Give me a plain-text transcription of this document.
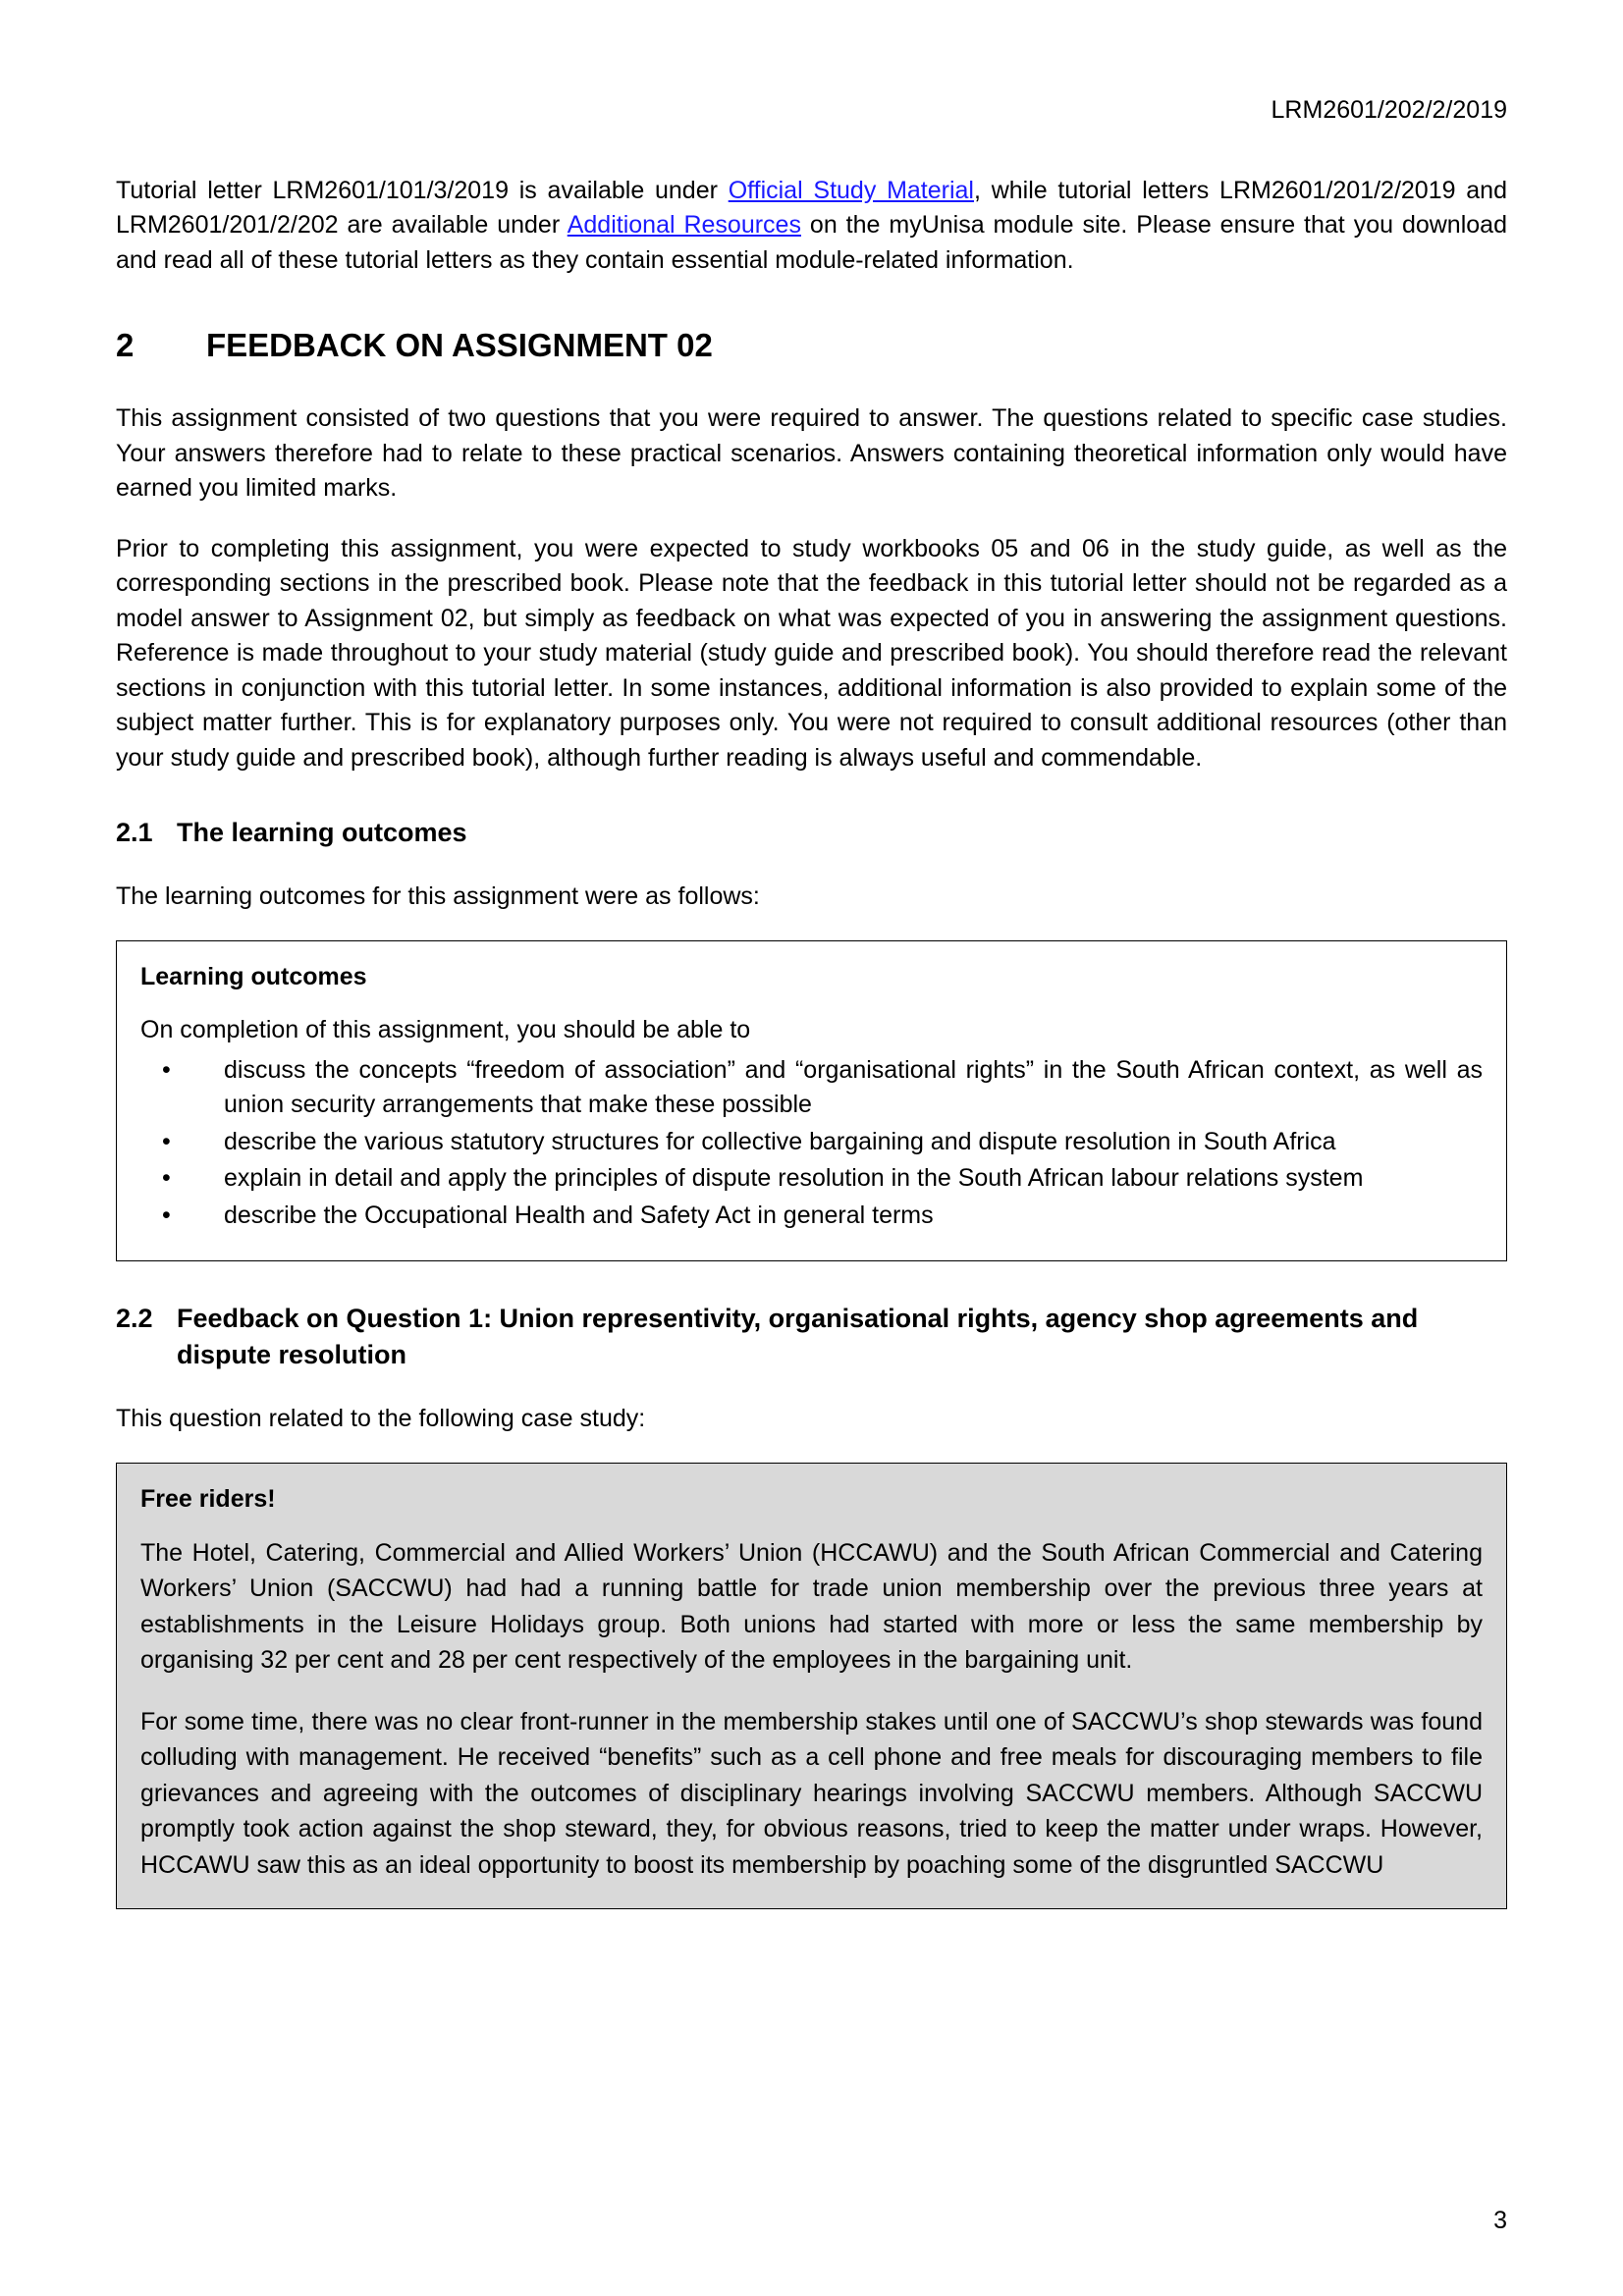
LRM2601/202/2/2019

Tutorial letter LRM2601/101/3/2019 is available under Official Study Material, while tutorial letters LRM2601/201/2/2019 and LRM2601/201/2/202 are available under Additional Resources on the myUnisa module site. Please ensure that you download and read all of these tutorial letters as they contain essential module-related information.

2	FEEDBACK ON ASSIGNMENT 02

This assignment consisted of two questions that you were required to answer. The questions related to specific case studies. Your answers therefore had to relate to these practical scenarios. Answers containing theoretical information only would have earned you limited marks.

Prior to completing this assignment, you were expected to study workbooks 05 and 06 in the study guide, as well as the corresponding sections in the prescribed book. Please note that the feedback in this tutorial letter should not be regarded as a model answer to Assignment 02, but simply as feedback on what was expected of you in answering the assignment questions. Reference is made throughout to your study material (study guide and prescribed book). You should therefore read the relevant sections in conjunction with this tutorial letter. In some instances, additional information is also provided to explain some of the subject matter further. This is for explanatory purposes only. You were not required to consult additional resources (other than your study guide and prescribed book), although further reading is always useful and commendable.

2.1 The learning outcomes

The learning outcomes for this assignment were as follows:

Learning outcomes
On completion of this assignment, you should be able to
• discuss the concepts “freedom of association” and “organisational rights” in the South African context, as well as union security arrangements that make these possible
• describe the various statutory structures for collective bargaining and dispute resolution in South Africa
• explain in detail and apply the principles of dispute resolution in the South African labour relations system
• describe the Occupational Health and Safety Act in general terms
2.2 Feedback on Question 1: Union representivity, organisational rights, agency shop agreements and dispute resolution

This question related to the following case study:

Free riders!

The Hotel, Catering, Commercial and Allied Workers’ Union (HCCAWU) and the South African Commercial and Catering Workers’ Union (SACCWU) had had a running battle for trade union membership over the previous three years at establishments in the Leisure Holidays group. Both unions had started with more or less the same membership by organising 32 per cent and 28 per cent respectively of the employees in the bargaining unit.

For some time, there was no clear front-runner in the membership stakes until one of SACCWU’s shop stewards was found colluding with management. He received “benefits” such as a cell phone and free meals for discouraging members to file grievances and agreeing with the outcomes of disciplinary hearings involving SACCWU members. Although SACCWU promptly took action against the shop steward, they, for obvious reasons, tried to keep the matter under wraps. However, HCCAWU saw this as an ideal opportunity to boost its membership by poaching some of the disgruntled SACCWU

3
